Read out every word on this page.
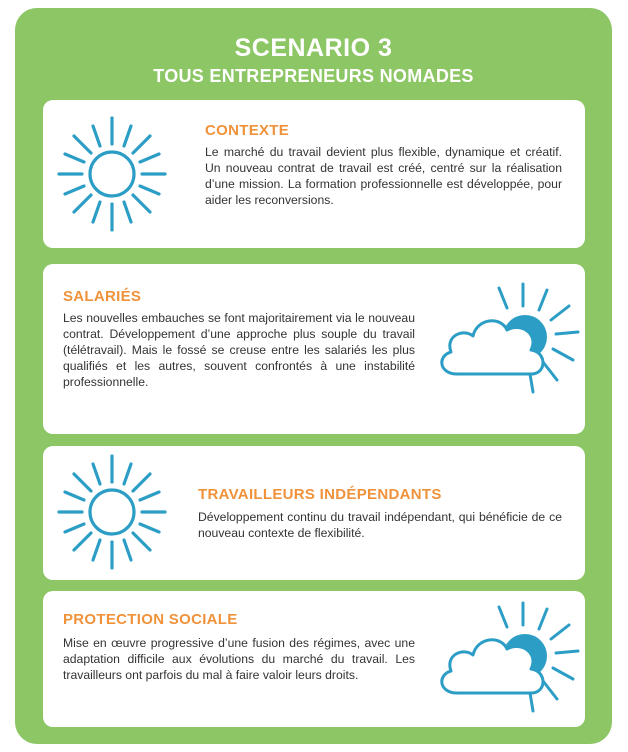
SCENARIO 3
TOUS ENTREPRENEURS NOMADES
CONTEXTE
Le marché du travail devient plus flexible, dynamique et créatif. Un nouveau contrat de travail est créé, centré sur la réalisation d’une mission. La formation professionnelle est développée, pour aider les reconversions.
SALARIÉS
Les nouvelles embauches se font majoritairement via le nouveau contrat. Développement d’une approche plus souple du travail (télétravail). Mais le fossé se creuse entre les salariés les plus qualifiés et les autres, souvent confrontés à une instabilité professionnelle.
TRAVAILLEURS INDÉPENDANTS
Développement continu du travail indépendant, qui bénéficie de ce nouveau contexte de flexibilité.
PROTECTION SOCIALE
Mise en œuvre progressive d’une fusion des régimes, avec une adaptation difficile aux évolutions du marché du travail. Les travailleurs ont parfois du mal à faire valoir leurs droits.
